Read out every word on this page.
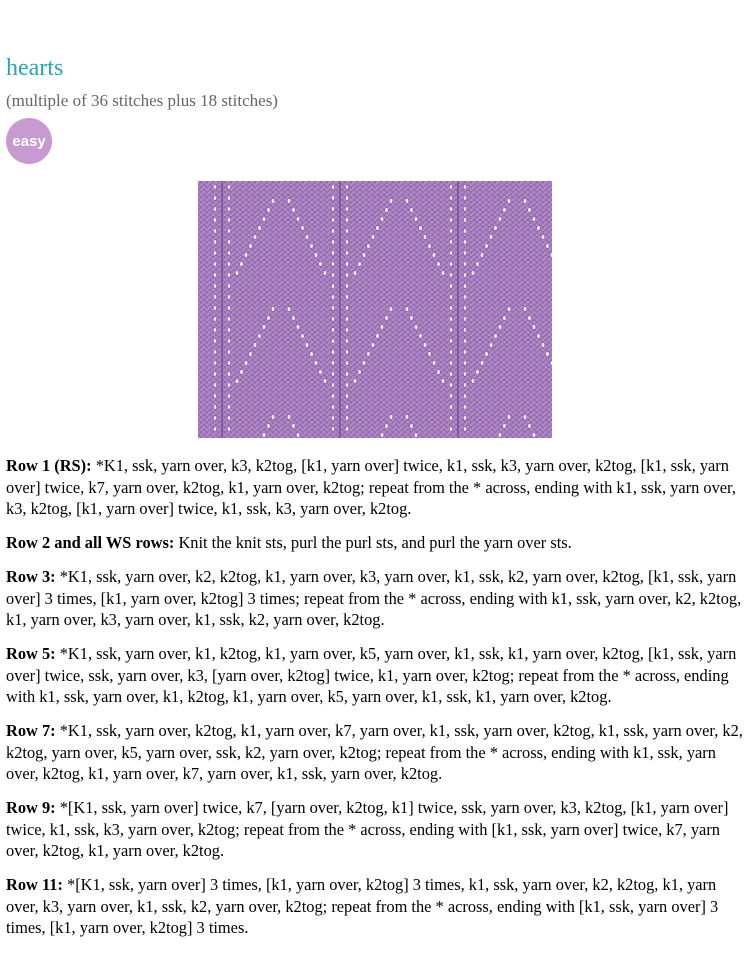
hearts
(multiple of 36 stitches plus 18 stitches)
easy

Row 1 (RS): *K1, ssk, yarn over, k3, k2tog, [k1, yarn over] twice, k1, ssk, k3, yarn over, k2tog, [k1, ssk, yarn over] twice, k7, yarn over, k2tog, k1, yarn over, k2tog; repeat from the * across, ending with k1, ssk, yarn over, k3, k2tog, [k1, yarn over] twice, k1, ssk, k3, yarn over, k2tog.

Row 2 and all WS rows: Knit the knit sts, purl the purl sts, and purl the yarn over sts.

Row 3: *K1, ssk, yarn over, k2, k2tog, k1, yarn over, k3, yarn over, k1, ssk, k2, yarn over, k2tog, [k1, ssk, yarn over] 3 times, [k1, yarn over, k2tog] 3 times; repeat from the * across, ending with k1, ssk, yarn over, k2, k2tog, k1, yarn over, k3, yarn over, k1, ssk, k2, yarn over, k2tog.

Row 5: *K1, ssk, yarn over, k1, k2tog, k1, yarn over, k5, yarn over, k1, ssk, k1, yarn over, k2tog, [k1, ssk, yarn over] twice, ssk, yarn over, k3, [yarn over, k2tog] twice, k1, yarn over, k2tog; repeat from the * across, ending with k1, ssk, yarn over, k1, k2tog, k1, yarn over, k5, yarn over, k1, ssk, k1, yarn over, k2tog.

Row 7: *K1, ssk, yarn over, k2tog, k1, yarn over, k7, yarn over, k1, ssk, yarn over, k2tog, k1, ssk, yarn over, k2, k2tog, yarn over, k5, yarn over, ssk, k2, yarn over, k2tog; repeat from the * across, ending with k1, ssk, yarn over, k2tog, k1, yarn over, k7, yarn over, k1, ssk, yarn over, k2tog.

Row 9: *[K1, ssk, yarn over] twice, k7, [yarn over, k2tog, k1] twice, ssk, yarn over, k3, k2tog, [k1, yarn over] twice, k1, ssk, k3, yarn over, k2tog; repeat from the * across, ending with [k1, ssk, yarn over] twice, k7, yarn over, k2tog, k1, yarn over, k2tog.

Row 11: *[K1, ssk, yarn over] 3 times, [k1, yarn over, k2tog] 3 times, k1, ssk, yarn over, k2, k2tog, k1, yarn over, k3, yarn over, k1, ssk, k2, yarn over, k2tog; repeat from the * across, ending with [k1, ssk, yarn over] 3 times, [k1, yarn over, k2tog] 3 times.
